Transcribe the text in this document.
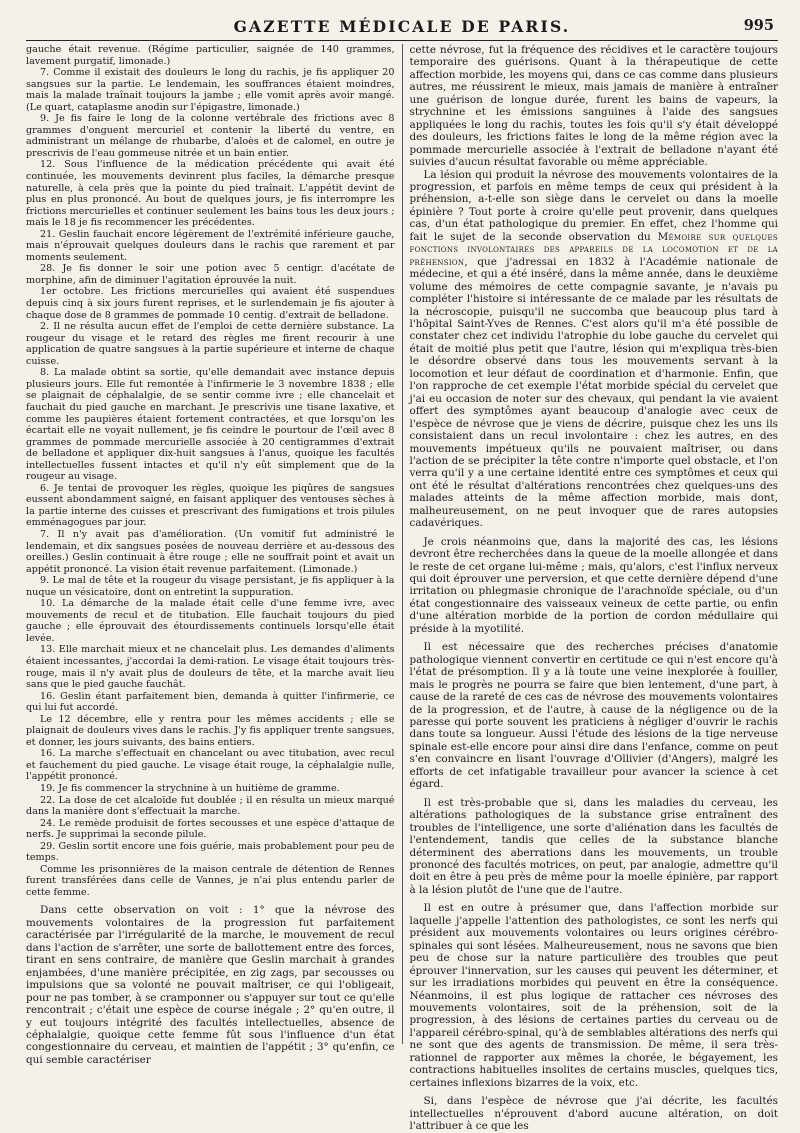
GAZETTE MÉDICALE DE PARIS.	995

gauche était revenue. (Régime particulier, saignée de 140 grammes, lavement purgatif, limonade.)

7. Comme il existait des douleurs le long du rachis, je fis appliquer 20 sangsues sur la partie. Le lendemain, les souffrances étaient moindres, mais la malade traînait toujours la jambe ; elle vomit après avoir mangé. (Le quart, cataplasme anodin sur l'épigastre, limonade.)

9. Je fis faire le long de la colonne vertébrale des frictions avec 8 grammes d'onguent mercuriel et contenir la liberté du ventre, en administrant un mélange de rhubarbe, d'aloès et de calomel, en outre je prescrivis de l'eau gommeuse nitrée et un bain entier.

12. Sous l'influence de la médication précédente qui avait été continuée, les mouvements devinrent plus faciles, la démarche presque naturelle, à cela près que la pointe du pied traînait. L'appétit devint de plus en plus prononcé. Au bout de quelques jours, je fis interrompre les frictions mercurielles et continuer seulement les bains tous les deux jours ; mais le 18 je fis recommencer les précédentes.

21. Geslin fauchait encore légèrement de l'extrémité inférieure gauche, mais n'éprouvait quelques douleurs dans le rachis que rarement et par moments seulement.

28. Je fis donner le soir une potion avec 5 centigr. d'acétate de morphine, afin de diminuer l'agitation éprouvée la nuit.

1er octobre. Les frictions mercurielles qui avaient été suspendues depuis cinq à six jours furent reprises, et le surlendemain je fis ajouter à chaque dose de 8 grammes de pommade 10 centig. d'extrait de belladone.

2. Il ne résulta aucun effet de l'emploi de cette dernière substance. La rougeur du visage et le retard des règles me firent recourir à une application de quatre sangsues à la partie supérieure et interne de chaque cuisse.

8. La malade obtint sa sortie, qu'elle demandait avec instance depuis plusieurs jours. Elle fut remontée à l'infirmerie le 3 novembre 1838 ; elle se plaignait de céphalalgie, de se sentir comme ivre ; elle chancelait et fauchait du pied gauche en marchant. Je prescrivis une tisane laxative, et comme les paupières étaient fortement contractées, et que lorsqu'on les écartait elle ne voyait nullement, je fis ceindre le pourtour de l'œil avec 8 grammes de pommade mercurielle associée à 20 centigrammes d'extrait de belladone et appliquer dix-huit sangsues à l'anus, quoique les facultés intellectuelles fussent intactes et qu'il n'y eût simplement que de la rougeur au visage.

6. Je tentai de provoquer les règles, quoique les piqûres de sangsues eussent abondamment saigné, en faisant appliquer des ventouses sèches à la partie interne des cuisses et prescrivant des fumigations et trois pilules emménagogues par jour.

7. Il n'y avait pas d'amélioration. (Un vomitif fut administré le lendemain, et dix sangsues posées de nouveau derrière et au-dessous des oreilles.) Geslin continuait à être rouge ; elle ne souffrait point et avait un appétit prononcé. La vision était revenue parfaitement. (Limonade.)

9. Le mal de tête et la rougeur du visage persistant, je fis appliquer à la nuque un vésicatoire, dont on entretint la suppuration.

10. La démarche de la malade était celle d'une femme ivre, avec mouvements de recul et de titubation. Elle fauchait toujours du pied gauche ; elle éprouvait des étourdissements continuels lorsqu'elle était levée.

13. Elle marchait mieux et ne chancelait plus. Les demandes d'aliments étaient incessantes, j'accordai la demi-ration. Le visage était toujours très-rouge, mais il n'y avait plus de douleurs de tête, et la marche avait lieu sans que le pied gauche fauchât.

16. Geslin étant parfaitement bien, demanda à quitter l'infirmerie, ce qui lui fut accordé.

Le 12 décembre, elle y rentra pour les mêmes accidents ; elle se plaignait de douleurs vives dans le rachis. J'y fis appliquer trente sangsues, et donner, les jours suivants, des bains entiers.

16. La marche s'effectuait en chancelant ou avec titubation, avec recul et fauchement du pied gauche. Le visage était rouge, la céphalalgie nulle, l'appétit prononcé.

19. Je fis commencer la strychnine à un huitième de gramme.

22. La dose de cet alcaloïde fut doublée ; il en résulta un mieux marqué dans la manière dont s'effectuait la marche.

24. Le remède produisit de fortes secousses et une espèce d'attaque de nerfs. Je supprimai la seconde pilule.

29. Geslin sortit encore une fois guérie, mais probablement pour peu de temps.

Comme les prisonnières de la maison centrale de détention de Rennes furent transférées dans celle de Vannes, je n'ai plus entendu parler de cette femme.

Dans cette observation on voit : 1° que la névrose des mouvements volontaires de la progression fut parfaitement caractérisée par l'irrégularité de la marche, le mouvement de recul dans l'action de s'arrêter, une sorte de ballottement entre des forces, tirant en sens contraire, de manière que Geslin marchait à grandes enjambées, d'une manière précipitée, en zig zags, par secousses ou impulsions que sa volonté ne pouvait maîtriser, ce qui l'obligeait, pour ne pas tomber, à se cramponner ou s'appuyer sur tout ce qu'elle rencontrait ; c'était une espèce de course inégale ; 2° qu'en outre, il y eut toujours intégrité des facultés intellectuelles, absence de céphalalgie, quoique cette femme fût sous l'influence d'un état congestionnaire du cerveau, et maintien de l'appétit ; 3° qu'enfin, ce qui semble caractériser

cette névrose, fut la fréquence des récidives et le caractère toujours temporaire des guérisons. Quant à la thérapeutique de cette affection morbide, les moyens qui, dans ce cas comme dans plusieurs autres, me réussirent le mieux, mais jamais de manière à entraîner une guérison de longue durée, furent les bains de vapeurs, la strychnine et les émissions sanguines à l'aide des sangsues appliquées le long du rachis, toutes les fois qu'il s'y était développé des douleurs, les frictions faites le long de la même région avec la pommade mercurielle associée à l'extrait de belladone n'ayant été suivies d'aucun résultat favorable ou même appréciable.

La lésion qui produit la névrose des mouvements volontaires de la progression, et parfois en même temps de ceux qui président à la préhension, a-t-elle son siège dans le cervelet ou dans la moelle épinière ? Tout porte à croire qu'elle peut provenir, dans quelques cas, d'un état pathologique du premier. En effet, chez l'homme qui fait le sujet de la seconde observation du Mémoire sur quelques fonctions involontaires des appareils de la locomotion et de la préhension, que j'adressai en 1832 à l'Académie nationale de médecine, et qui a été inséré, dans la même année, dans le deuxième volume des mémoires de cette compagnie savante, je n'avais pu compléter l'histoire si intéressante de ce malade par les résultats de la nécroscopie, puisqu'il ne succomba que beaucoup plus tard à l'hôpital Saint-Yves de Rennes. C'est alors qu'il m'a été possible de constater chez cet individu l'atrophie du lobe gauche du cervelet qui était de moitié plus petit que l'autre, lésion qui m'expliqua très-bien le désordre observé dans tous les mouvements servant à la locomotion et leur défaut de coordination et d'harmonie. Enfin, que l'on rapproche de cet exemple l'état morbide spécial du cervelet que j'ai eu occasion de noter sur des chevaux, qui pendant la vie avaient offert des symptômes ayant beaucoup d'analogie avec ceux de l'espèce de névrose que je viens de décrire, puisque chez les uns ils consistaient dans un recul involontaire : chez les autres, en des mouvements impétueux qu'ils ne pouvaient maîtriser, ou dans l'action de se précipiter la tête contre n'importe quel obstacle, et l'on verra qu'il y a une certaine identité entre ces symptômes et ceux qui ont été le résultat d'altérations rencontrées chez quelques-uns des malades atteints de la même affection morbide, mais dont, malheureusement, on ne peut invoquer que de rares autopsies cadavériques.

Je crois néanmoins que, dans la majorité des cas, les lésions devront être recherchées dans la queue de la moelle allongée et dans le reste de cet organe lui-même ; mais, qu'alors, c'est l'influx nerveux qui doit éprouver une perversion, et que cette dernière dépend d'une irritation ou phlegmasie chronique de l'arachnoïde spéciale, ou d'un état congestionnaire des vaisseaux veineux de cette partie, ou enfin d'une altération morbide de la portion de cordon médullaire qui préside à la myotilité.

Il est nécessaire que des recherches précises d'anatomie pathologique viennent convertir en certitude ce qui n'est encore qu'à l'état de présomption. Il y a là toute une veine inexplorée à fouiller, mais le progrès ne pourra se faire que bien lentement, d'une part, à cause de la rareté de ces cas de névrose des mouvements volontaires de la progression, et de l'autre, à cause de la négligence ou de la paresse qui porte souvent les praticiens à négliger d'ouvrir le rachis dans toute sa longueur. Aussi l'étude des lésions de la tige nerveuse spinale est-elle encore pour ainsi dire dans l'enfance, comme on peut s'en convaincre en lisant l'ouvrage d'Ollivier (d'Angers), malgré les efforts de cet infatigable travailleur pour avancer la science à cet égard.

Il est très-probable que si, dans les maladies du cerveau, les altérations pathologiques de la substance grise entraînent des troubles de l'intelligence, une sorte d'aliénation dans les facultés de l'entendement, tandis que celles de la substance blanche déterminent des aberrations dans les mouvements, un trouble prononcé des facultés motrices, on peut, par analogie, admettre qu'il doit en être à peu près de même pour la moelle épinière, par rapport à la lésion plutôt de l'une que de l'autre.

Il est en outre à présumer que, dans l'affection morbide sur laquelle j'appelle l'attention des pathologistes, ce sont les nerfs qui président aux mouvements volontaires ou leurs origines cérébro-spinales qui sont lésées. Malheureusement, nous ne savons que bien peu de chose sur la nature particulière des troubles que peut éprouver l'innervation, sur les causes qui peuvent les déterminer, et sur les irradiations morbides qui peuvent en être la conséquence. Néanmoins, il est plus logique de rattacher ces névroses des mouvements volontaires, soit de la préhension, soit de la progression, à des lésions de certaines parties du cerveau ou de l'appareil cérébro-spinal, qu'à de semblables altérations des nerfs qui ne sont que des agents de transmission. De même, il sera très-rationnel de rapporter aux mêmes la chorée, le bégayement, les contractions habituelles insolites de certains muscles, quelques tics, certaines inflexions bizarres de la voix, etc.

Si, dans l'espèce de névrose que j'ai décrite, les facultés intellectuelles n'éprouvent d'abord aucune altération, on doit l'attribuer à ce que les
